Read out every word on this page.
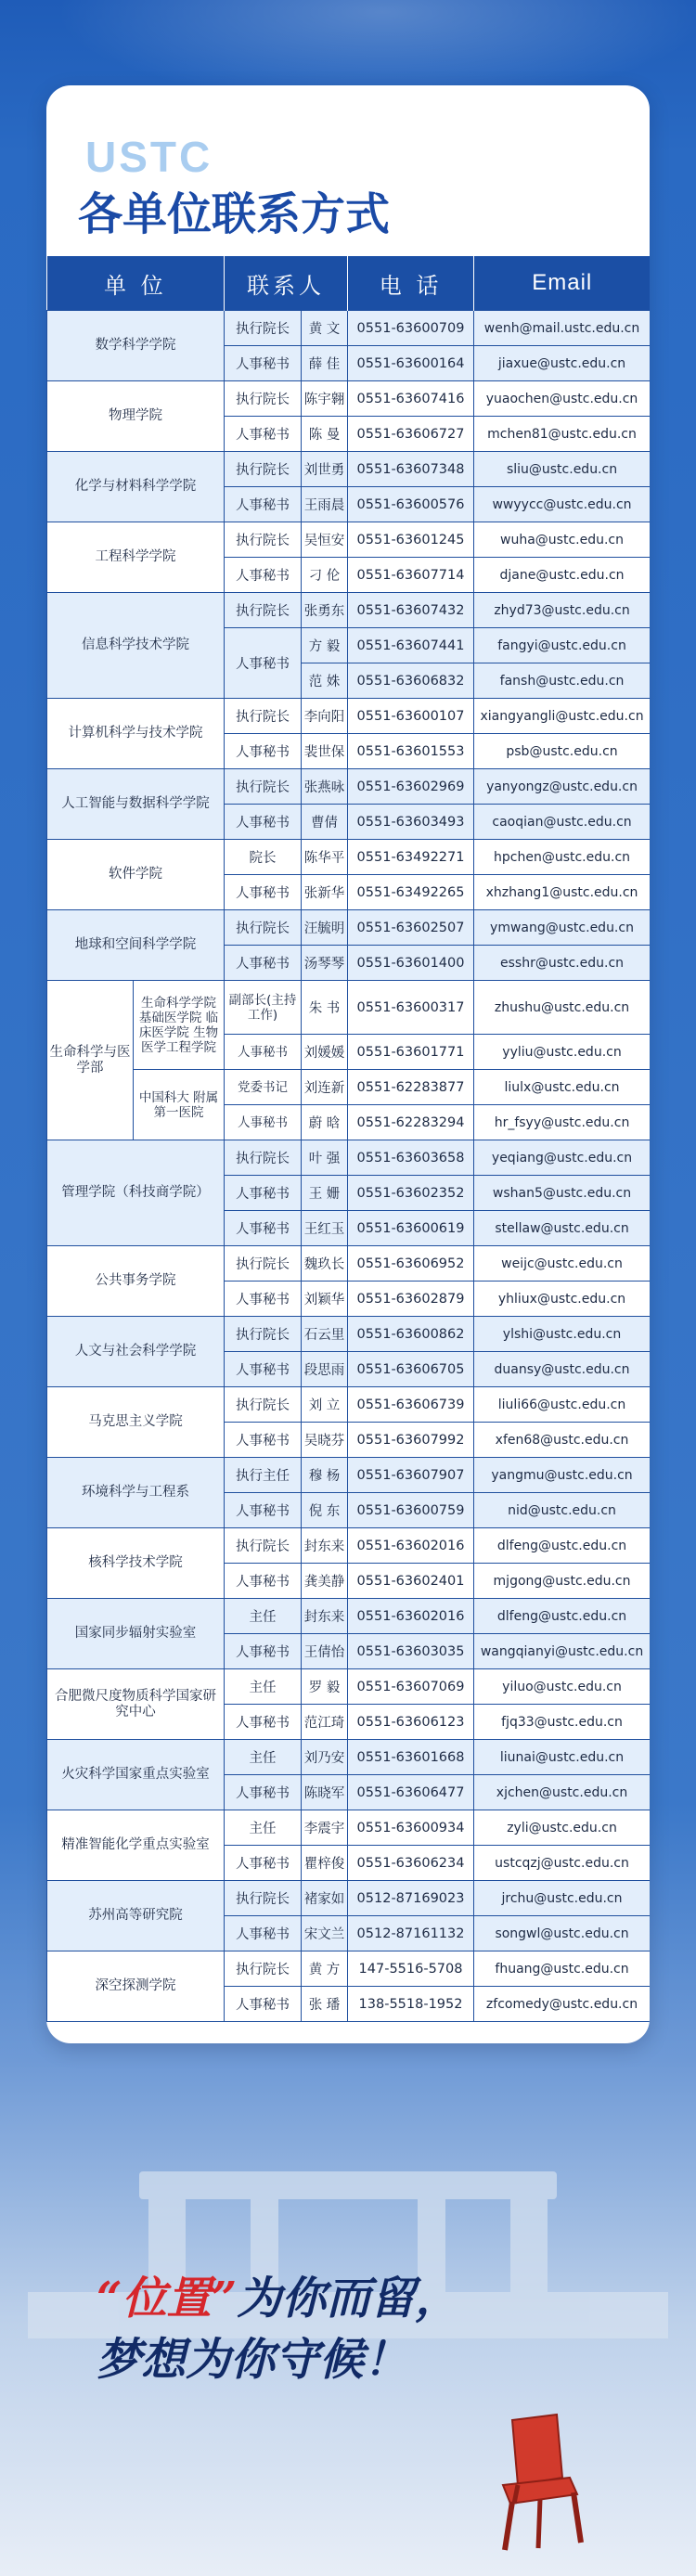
USTC
各单位联系方式
单 位		联系人		电 话	Email
数学科学学院		执行院长	黄 文	0551-63600709	wenh@mail.ustc.edu.cn
		人事秘书	薛 佳	0551-63600164	jiaxue@ustc.edu.cn
物理学院		执行院长	陈宇翱	0551-63607416	yuaochen@ustc.edu.cn
		人事秘书	陈 曼	0551-63606727	mchen81@ustc.edu.cn
化学与材料科学学院		执行院长	刘世勇	0551-63607348	sliu@ustc.edu.cn
		人事秘书	王雨晨	0551-63600576	wwyycc@ustc.edu.cn
工程科学学院		执行院长	吴恒安	0551-63601245	wuha@ustc.edu.cn
		人事秘书	刁 伦	0551-63607714	djane@ustc.edu.cn
信息科学技术学院		执行院长	张勇东	0551-63607432	zhyd73@ustc.edu.cn
		人事秘书	方 毅	0551-63607441	fangyi@ustc.edu.cn
			范 姝	0551-63606832	fansh@ustc.edu.cn
计算机科学与技术学院		执行院长	李向阳	0551-63600107	xiangyangli@ustc.edu.cn
		人事秘书	裴世保	0551-63601553	psb@ustc.edu.cn
人工智能与数据科学学院		执行院长	张燕咏	0551-63602969	yanyongz@ustc.edu.cn
		人事秘书	曹倩	0551-63603493	caoqian@ustc.edu.cn
软件学院		院长	陈华平	0551-63492271	hpchen@ustc.edu.cn
		人事秘书	张新华	0551-63492265	xhzhang1@ustc.edu.cn
地球和空间科学学院		执行院长	汪毓明	0551-63602507	ymwang@ustc.edu.cn
		人事秘书	汤琴琴	0551-63601400	esshr@ustc.edu.cn
生命科学与医学部	生命科学学院 基础医学院 临床医学院 生物医学工程学院	副部长(主持工作)	朱 书	0551-63600317	zhushu@ustc.edu.cn
		人事秘书	刘媛媛	0551-63601771	yyliu@ustc.edu.cn
	中国科大 附属第一医院	党委书记	刘连新	0551-62283877	liulx@ustc.edu.cn
		人事秘书	蔚 晗	0551-62283294	hr_fsyy@ustc.edu.cn
管理学院（科技商学院）		执行院长	叶 强	0551-63603658	yeqiang@ustc.edu.cn
		人事秘书	王 姗	0551-63602352	wshan5@ustc.edu.cn
		人事秘书	王红玉	0551-63600619	stellaw@ustc.edu.cn
公共事务学院		执行院长	魏玖长	0551-63606952	weijc@ustc.edu.cn
		人事秘书	刘颖华	0551-63602879	yhliux@ustc.edu.cn
人文与社会科学学院		执行院长	石云里	0551-63600862	ylshi@ustc.edu.cn
		人事秘书	段思雨	0551-63606705	duansy@ustc.edu.cn
马克思主义学院		执行院长	刘 立	0551-63606739	liuli66@ustc.edu.cn
		人事秘书	吴晓芬	0551-63607992	xfen68@ustc.edu.cn
环境科学与工程系		执行主任	穆 杨	0551-63607907	yangmu@ustc.edu.cn
		人事秘书	倪 东	0551-63600759	nid@ustc.edu.cn
核科学技术学院		执行院长	封东来	0551-63602016	dlfeng@ustc.edu.cn
		人事秘书	龚美静	0551-63602401	mjgong@ustc.edu.cn
国家同步辐射实验室		主任	封东来	0551-63602016	dlfeng@ustc.edu.cn
		人事秘书	王倩怡	0551-63603035	wangqianyi@ustc.edu.cn
合肥微尺度物质科学国家研究中心		主任	罗 毅	0551-63607069	yiluo@ustc.edu.cn
		人事秘书	范江琦	0551-63606123	fjq33@ustc.edu.cn
火灾科学国家重点实验室		主任	刘乃安	0551-63601668	liunai@ustc.edu.cn
		人事秘书	陈晓军	0551-63606477	xjchen@ustc.edu.cn
精准智能化学重点实验室		主任	李震宇	0551-63600934	zyli@ustc.edu.cn
		人事秘书	瞿梓俊	0551-63606234	ustcqzj@ustc.edu.cn
苏州高等研究院		执行院长	褚家如	0512-87169023	jrchu@ustc.edu.cn
		人事秘书	宋文兰	0512-87161132	songwl@ustc.edu.cn
深空探测学院		执行院长	黄 方	147-5516-5708	fhuang@ustc.edu.cn
		人事秘书	张 璠	138-5518-1952	zfcomedy@ustc.edu.cn
“位置”为你而留，
梦想为你守候！
